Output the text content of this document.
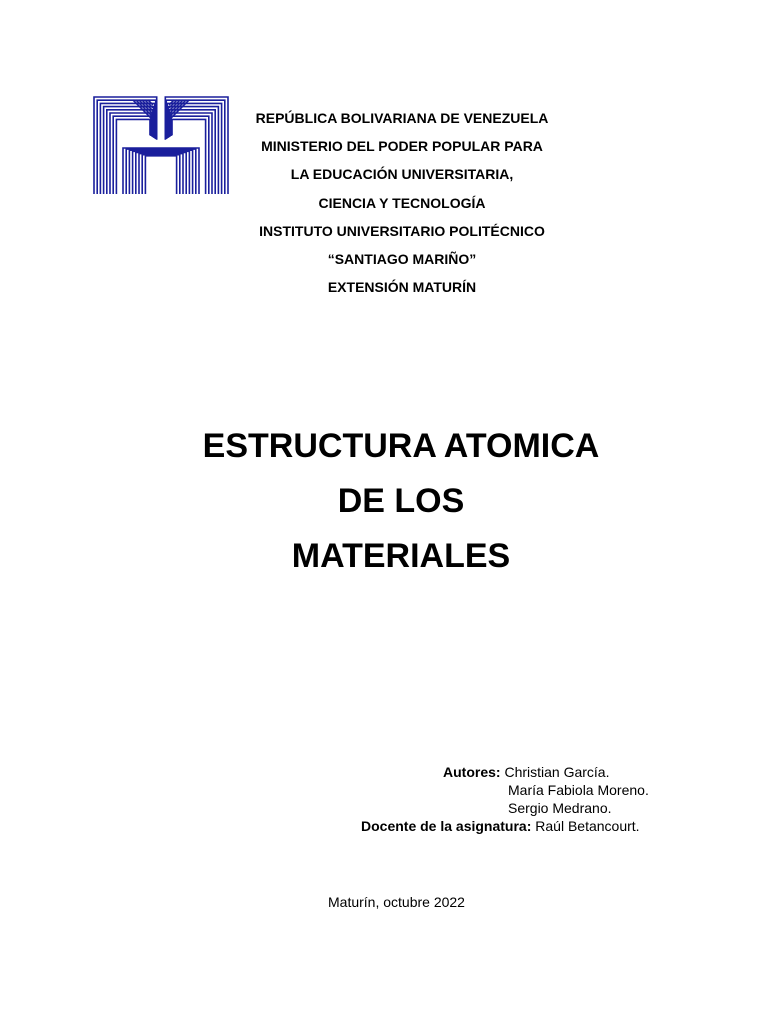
REPÚBLICA BOLIVARIANA DE VENEZUELA
MINISTERIO DEL PODER POPULAR PARA
LA EDUCACIÓN UNIVERSITARIA,
CIENCIA Y TECNOLOGÍA
INSTITUTO UNIVERSITARIO POLITÉCNICO
“SANTIAGO MARIÑO”
EXTENSIÓN MATURÍN
ESTRUCTURA ATOMICA
DE LOS
MATERIALES
Autores: Christian García.
María Fabiola Moreno.
Sergio Medrano.
Docente de la asignatura: Raúl Betancourt.
Maturín, octubre 2022
